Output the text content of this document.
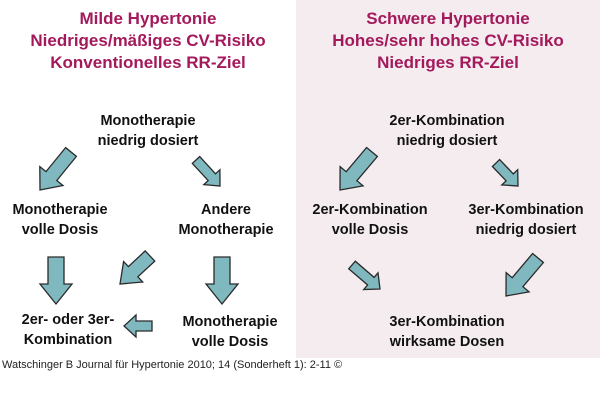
Milde Hypertonie
Niedriges/mäßiges CV-Risiko
Konventionelles RR-Ziel
Monotherapie
niedrig dosiert
Monotherapie
volle Dosis
Andere
Monotherapie
2er- oder 3er-
Kombination
Monotherapie
volle Dosis
Schwere Hypertonie
Hohes/sehr hohes CV-Risiko
Niedriges RR-Ziel
2er-Kombination
niedrig dosiert
2er-Kombination
volle Dosis
3er-Kombination
niedrig dosiert
3er-Kombination
wirksame Dosen
Watschinger B Journal für Hypertonie 2010; 14 (Sonderheft 1): 2-11 ©
